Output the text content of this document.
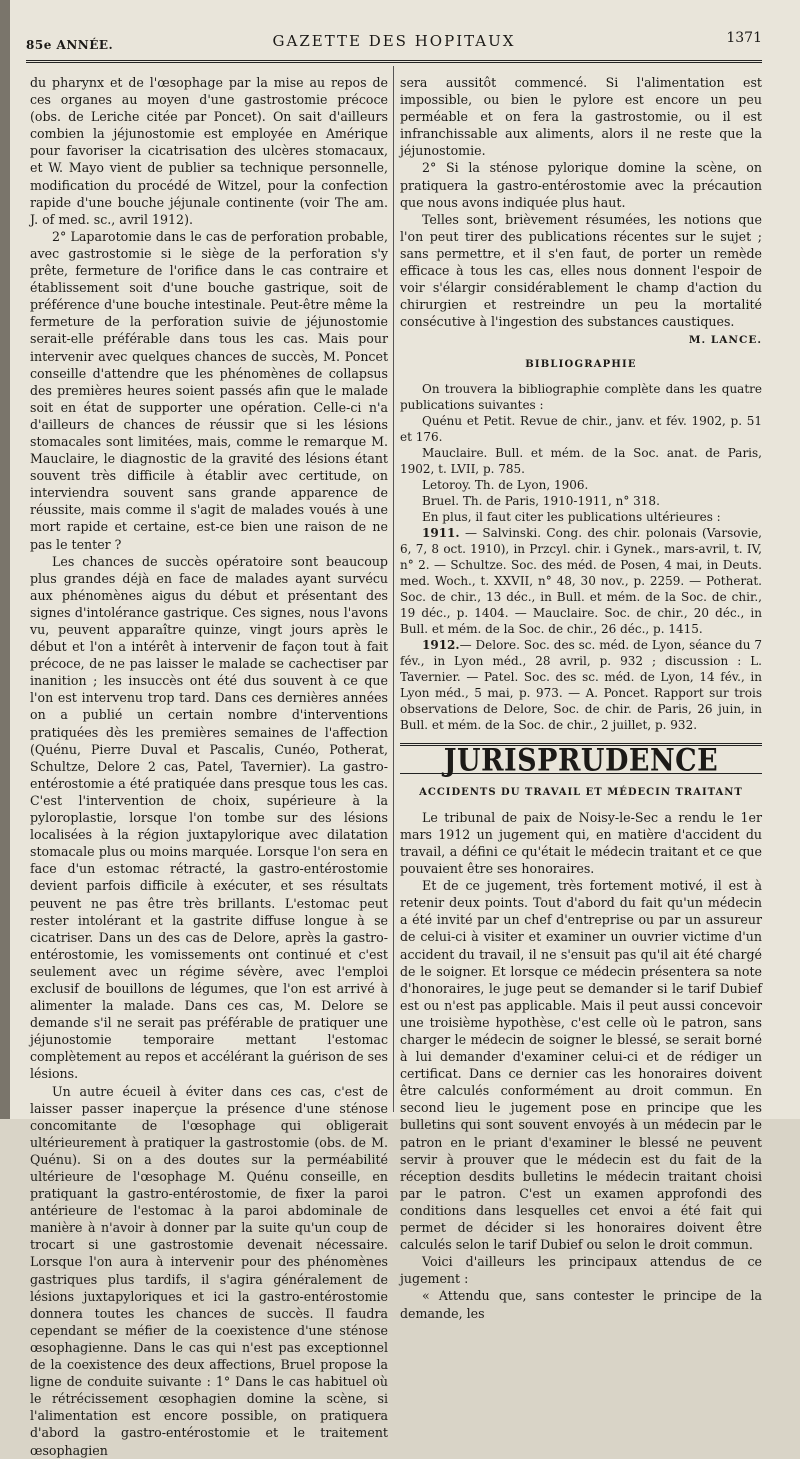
85e ANNÉE.	GAZETTE DES HOPITAUX	1371

du pharynx et de l'œsophage par la mise au repos de ces organes au moyen d'une gastrostomie précoce (obs. de Leriche citée par Poncet). On sait d'ailleurs combien la jéjunostomie est employée en Amérique pour favoriser la cicatrisation des ulcères stomacaux, et W. Mayo vient de publier sa technique personnelle, modification du procédé de Witzel, pour la confection rapide d'une bouche jéjunale continente (voir The am. J. of med. sc., avril 1912).

2° Laparotomie dans le cas de perforation probable, avec gastrostomie si le siège de la perforation s'y prête, fermeture de l'orifice dans le cas contraire et établissement soit d'une bouche gastrique, soit de préférence d'une bouche intestinale. Peut-être même la fermeture de la perforation suivie de jéjunostomie serait-elle préférable dans tous les cas. Mais pour intervenir avec quelques chances de succès, M. Poncet conseille d'attendre que les phénomènes de collapsus des premières heures soient passés afin que le malade soit en état de supporter une opération. Celle-ci n'a d'ailleurs de chances de réussir que si les lésions stomacales sont limitées, mais, comme le remarque M. Mauclaire, le diagnostic de la gravité des lésions étant souvent très difficile à établir avec certitude, on interviendra souvent sans grande apparence de réussite, mais comme il s'agit de malades voués à une mort rapide et certaine, est-ce bien une raison de ne pas le tenter ?

Les chances de succès opératoire sont beaucoup plus grandes déjà en face de malades ayant survécu aux phénomènes aigus du début et présentant des signes d'intolérance gastrique. Ces signes, nous l'avons vu, peuvent apparaître quinze, vingt jours après le début et l'on a intérêt à intervenir de façon tout à fait précoce, de ne pas laisser le malade se cachectiser par inanition ; les insuccès ont été dus souvent à ce que l'on est intervenu trop tard. Dans ces dernières années on a publié un certain nombre d'interventions pratiquées dès les premières semaines de l'affection (Quénu, Pierre Duval et Pascalis, Cunéo, Potherat, Schultze, Delore 2 cas, Patel, Tavernier). La gastro-entérostomie a été pratiquée dans presque tous les cas. C'est l'intervention de choix, supérieure à la pyloroplastie, lorsque l'on tombe sur des lésions localisées à la région juxtapylorique avec dilatation stomacale plus ou moins marquée. Lorsque l'on sera en face d'un estomac rétracté, la gastro-entérostomie devient parfois difficile à exécuter, et ses résultats peuvent ne pas être très brillants. L'estomac peut rester intolérant et la gastrite diffuse longue à se cicatriser. Dans un des cas de Delore, après la gastro-entérostomie, les vomissements ont continué et c'est seulement avec un régime sévère, avec l'emploi exclusif de bouillons de légumes, que l'on est arrivé à alimenter la malade. Dans ces cas, M. Delore se demande s'il ne serait pas préférable de pratiquer une jéjunostomie temporaire mettant l'estomac complètement au repos et accélérant la guérison de ses lésions.

Un autre écueil à éviter dans ces cas, c'est de laisser passer inaperçue la présence d'une sténose concomitante de l'œsophage qui obligerait ultérieurement à pratiquer la gastrostomie (obs. de M. Quénu). Si on a des doutes sur la perméabilité ultérieure de l'œsophage M. Quénu conseille, en pratiquant la gastro-entérostomie, de fixer la paroi antérieure de l'estomac à la paroi abdominale de manière à n'avoir à donner par la suite qu'un coup de trocart si une gastrostomie devenait nécessaire. Lorsque l'on aura à intervenir pour des phénomènes gastriques plus tardifs, il s'agira généralement de lésions juxtapyloriques et ici la gastro-entérostomie donnera toutes les chances de succès. Il faudra cependant se méfier de la coexistence d'une sténose œsophagienne. Dans le cas qui n'est pas exceptionnel de la coexistence des deux affections, Bruel propose la ligne de conduite suivante : 1° Dans le cas habituel où le rétrécissement œsophagien domine la scène, si l'alimentation est encore possible, on pratiquera d'abord la gastro-entérostomie et le traitement œsophagien

sera aussitôt commencé. Si l'alimentation est impossible, ou bien le pylore est encore un peu perméable et on fera la gastrostomie, ou il est infranchissable aux aliments, alors il ne reste que la jéjunostomie.

2° Si la sténose pylorique domine la scène, on pratiquera la gastro-entérostomie avec la précaution que nous avons indiquée plus haut.

Telles sont, brièvement résumées, les notions que l'on peut tirer des publications récentes sur le sujet ; sans permettre, et il s'en faut, de porter un remède efficace à tous les cas, elles nous donnent l'espoir de voir s'élargir considérablement le champ d'action du chirurgien et restreindre un peu la mortalité consécutive à l'ingestion des substances caustiques.

M. LANCE.
BIBLIOGRAPHIE

On trouvera la bibliographie complète dans les quatre publications suivantes :

Quénu et Petit. Revue de chir., janv. et fév. 1902, p. 51 et 176.

Mauclaire. Bull. et mém. de la Soc. anat. de Paris, 1902, t. LVII, p. 785.

Letoroy. Th. de Lyon, 1906.

Bruel. Th. de Paris, 1910-1911, n° 318.

En plus, il faut citer les publications ultérieures :

1911. — Salvinski. Cong. des chir. polonais (Varsovie, 6, 7, 8 oct. 1910), in Przcyl. chir. i Gynek., mars-avril, t. IV, n° 2. — Schultze. Soc. des méd. de Posen, 4 mai, in Deuts. med. Woch., t. XXVII, n° 48, 30 nov., p. 2259. — Potherat. Soc. de chir., 13 déc., in Bull. et mém. de la Soc. de chir., 19 déc., p. 1404. — Mauclaire. Soc. de chir., 20 déc., in Bull. et mém. de la Soc. de chir., 26 déc., p. 1415.

1912.— Delore. Soc. des sc. méd. de Lyon, séance du 7 fév., in Lyon méd., 28 avril, p. 932 ; discussion : L. Tavernier. — Patel. Soc. des sc. méd. de Lyon, 14 fév., in Lyon méd., 5 mai, p. 973. — A. Poncet. Rapport sur trois observations de Delore, Soc. de chir. de Paris, 26 juin, in Bull. et mém. de la Soc. de chir., 2 juillet, p. 932.

JURISPRUDENCE
ACCIDENTS DU TRAVAIL ET MÉDECIN TRAITANT

Le tribunal de paix de Noisy-le-Sec a rendu le 1er mars 1912 un jugement qui, en matière d'accident du travail, a défini ce qu'était le médecin traitant et ce que pouvaient être ses honoraires.

Et de ce jugement, très fortement motivé, il est à retenir deux points. Tout d'abord du fait qu'un médecin a été invité par un chef d'entreprise ou par un assureur de celui-ci à visiter et examiner un ouvrier victime d'un accident du travail, il ne s'ensuit pas qu'il ait été chargé de le soigner. Et lorsque ce médecin présentera sa note d'honoraires, le juge peut se demander si le tarif Dubief est ou n'est pas applicable. Mais il peut aussi concevoir une troisième hypothèse, c'est celle où le patron, sans charger le médecin de soigner le blessé, se serait borné à lui demander d'examiner celui-ci et de rédiger un certificat. Dans ce dernier cas les honoraires doivent être calculés conformément au droit commun. En second lieu le jugement pose en principe que les bulletins qui sont souvent envoyés à un médecin par le patron en le priant d'examiner le blessé ne peuvent servir à prouver que le médecin est du fait de la réception desdits bulletins le médecin traitant choisi par le patron. C'est un examen approfondi des conditions dans lesquelles cet envoi a été fait qui permet de décider si les honoraires doivent être calculés selon le tarif Dubief ou selon le droit commun.

Voici d'ailleurs les principaux attendus de ce jugement :

« Attendu que, sans contester le principe de la demande, les
